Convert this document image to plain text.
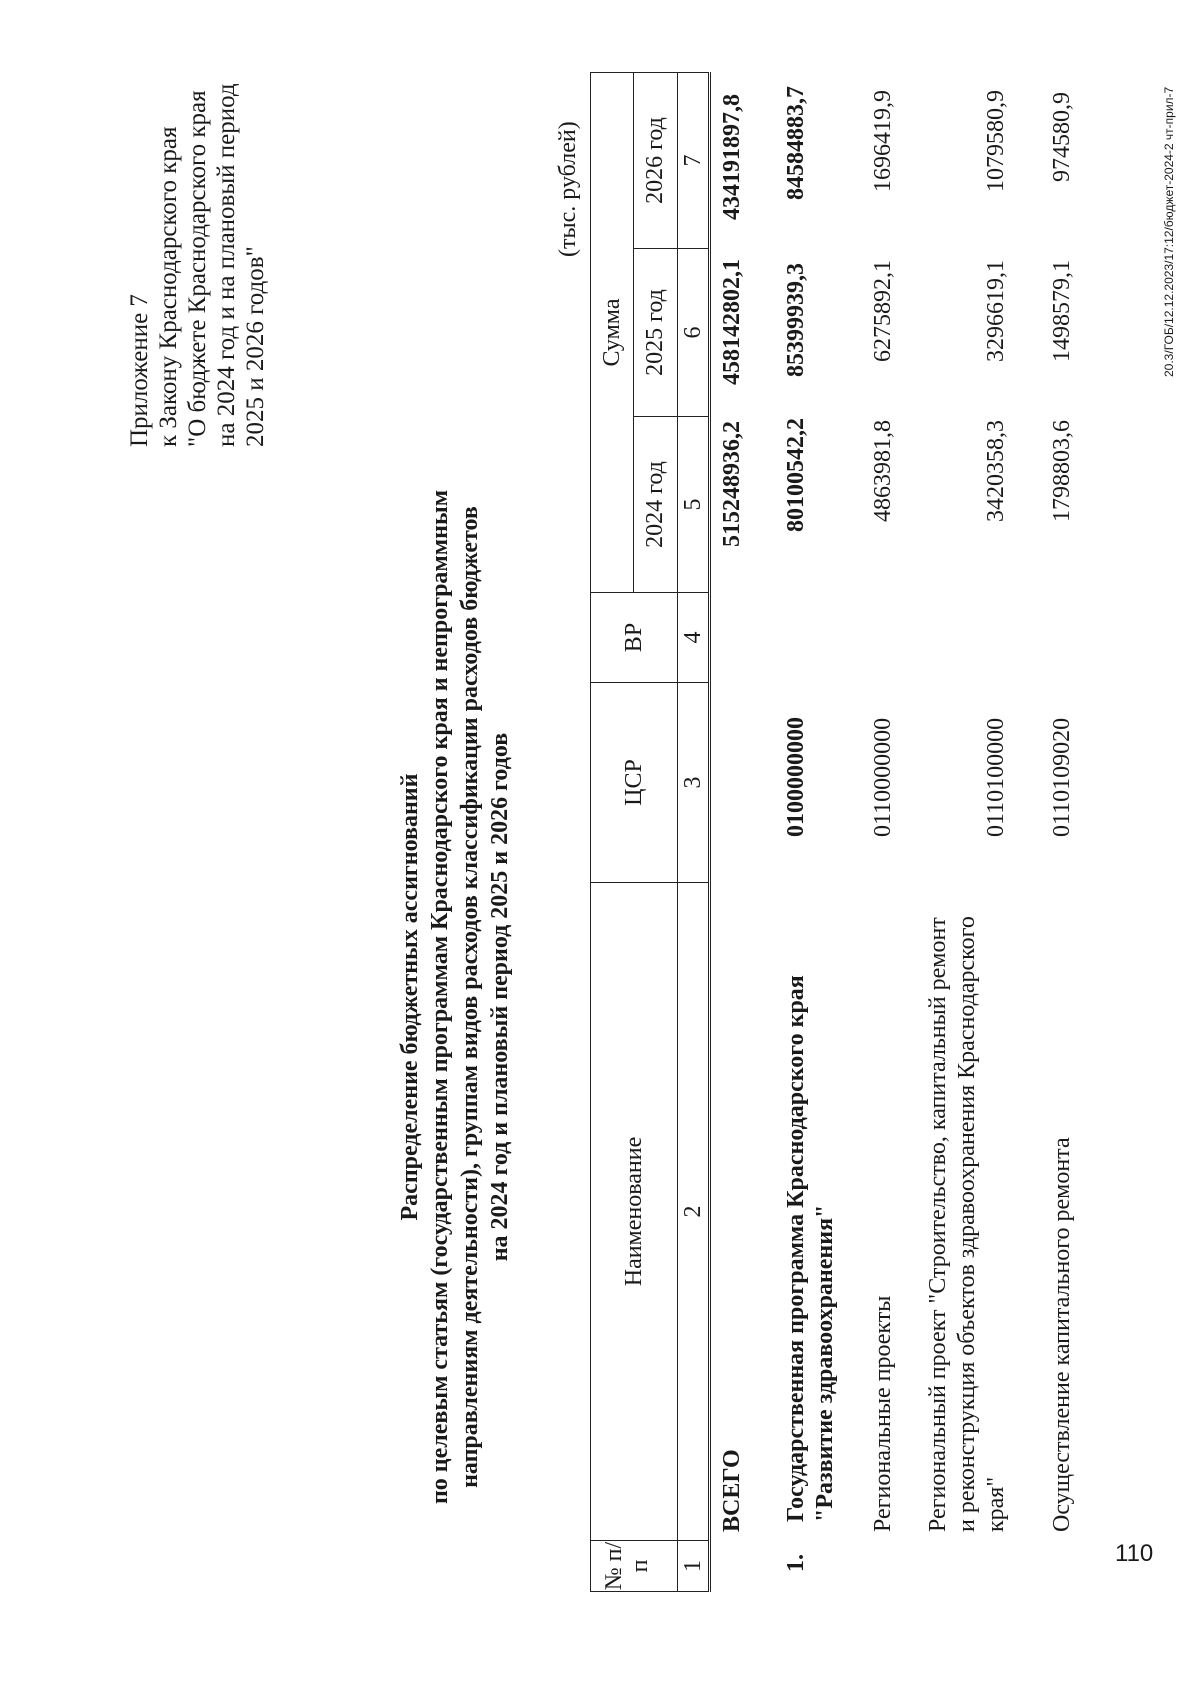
Приложение 7 к Закону Краснодарского края "О бюджете Краснодарского края на 2024 год и на плановый период 2025 и 2026 годов"
Распределение бюджетных ассигнований по целевым статьям (государственным программам Краснодарского края и непрограммным направлениям деятельности), группам видов расходов классификации расходов бюджетов на 2024 год и плановый период 2025 и 2026 годов
(тыс. рублей)
№ п/п
Наименование
ЦСР
ВР
Сумма
2024 год
2025 год
2026 год
1
2
3
4
5
6
7
ВСЕГО
515248936,2
458142802,1
434191897,8
1.
Государственная программа Краснодарского края "Развитие здравоохранения"
0100000000
80100542,2
85399939,3
84584883,7
Региональные проекты
0110000000
4863981,8
6275892,1
1696419,9
Региональный проект "Строительство, капитальный ремонт и реконструкция объектов здравоохранения Краснодарского края"
0110100000
3420358,3
3296619,1
1079580,9
Осуществление капитального ремонта
0110109020
1798803,6
1498579,1
974580,9	20.3/ГОБ/12.12.2023/17:12/бюджет-2024-2 чт-прил-7
110
